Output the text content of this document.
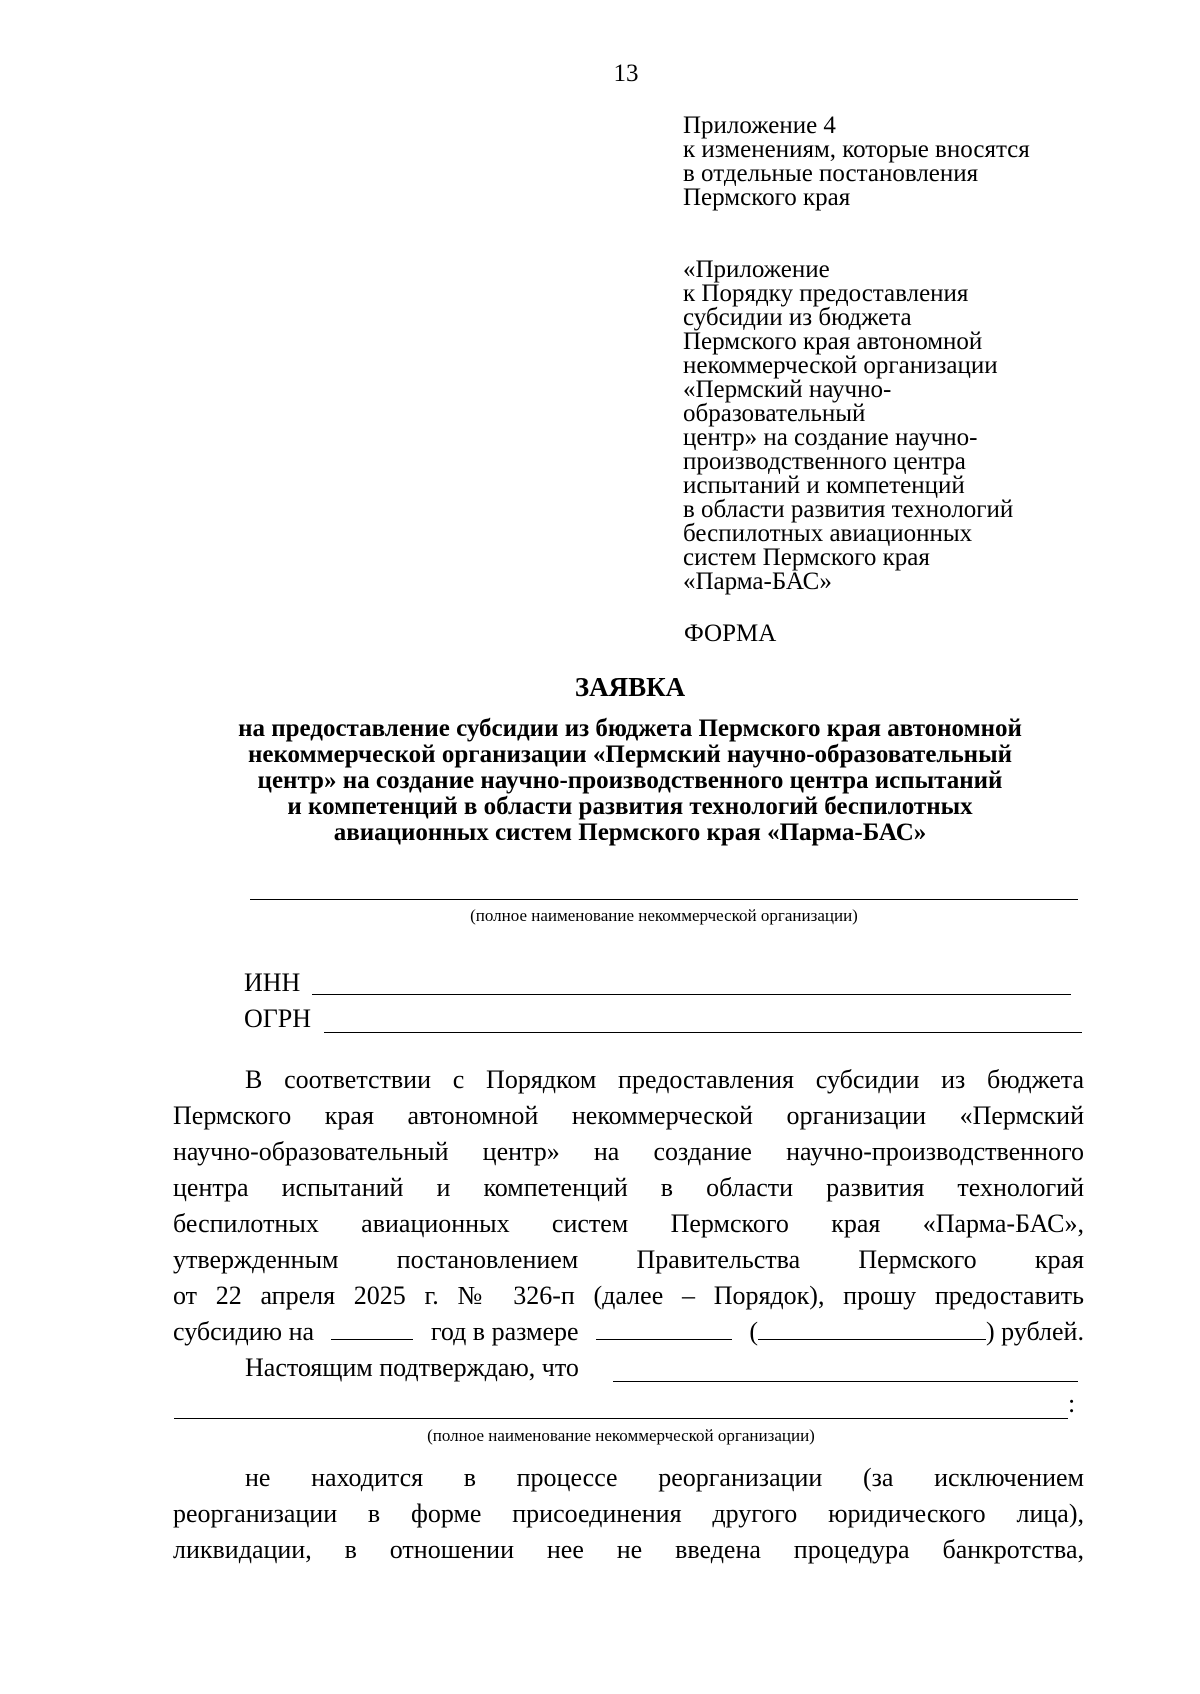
13
Приложение 4
к изменениям, которые вносятся
в отдельные постановления
Пермского края
«Приложение
к Порядку предоставления
субсидии из бюджета
Пермского края автономной
некоммерческой организации
«Пермский научно-
образовательный
центр» на создание научно-
производственного центра
испытаний и компетенций
в области развития технологий
беспилотных авиационных
систем Пермского края
«Парма-БАС»
ФОРМА
ЗАЯВКА
на предоставление субсидии из бюджета Пермского края автономной
некоммерческой организации «Пермский научно-образовательный
центр» на создание научно-производственного центра испытаний
и компетенций в области развития технологий беспилотных
авиационных систем Пермского края «Парма-БАС»
(полное наименование некоммерческой организации)
ИНН
ОГРН
В соответствии с Порядком предоставления субсидии из бюджета
Пермского края автономной некоммерческой организации «Пермский
научно-образовательный центр» на создание научно-производственного
центра испытаний и компетенций в области развития технологий
беспилотных авиационных систем Пермского края «Парма-БАС»,
утвержденным постановлением Правительства Пермского края
от 22 апреля 2025 г. № 326-п (далее – Порядок), прошу предоставить
субсидию на	год в размере	(	) рублей.
Настоящим подтверждаю, что
:
(полное наименование некоммерческой организации)
не находится в процессе реорганизации (за исключением
реорганизации в форме присоединения другого юридического лица),
ликвидации, в отношении нее не введена процедура банкротства,
